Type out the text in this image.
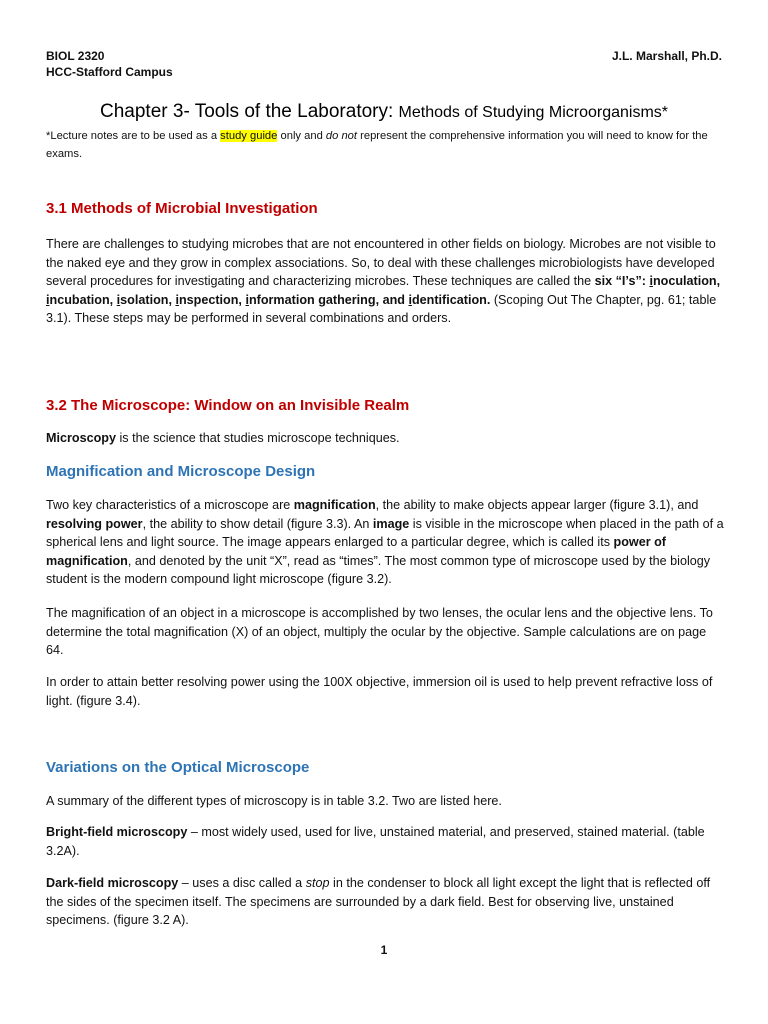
BIOL 2320
HCC-Stafford Campus
J.L. Marshall, Ph.D.
Chapter 3- Tools of the Laboratory: Methods of Studying Microorganisms*
*Lecture notes are to be used as a study guide only and do not represent the comprehensive information you will need to know for the exams.
3.1 Methods of Microbial Investigation

There are challenges to studying microbes that are not encountered in other fields on biology. Microbes are not visible to the naked eye and they grow in complex associations. So, to deal with these challenges microbiologists have developed several procedures for investigating and characterizing microbes. These techniques are called the six “I’s”: inoculation, incubation, isolation, inspection, information gathering, and identification. (Scoping Out The Chapter, pg. 61; table 3.1). These steps may be performed in several combinations and orders.

3.2 The Microscope: Window on an Invisible Realm

Microscopy is the science that studies microscope techniques.

Magnification and Microscope Design

Two key characteristics of a microscope are magnification, the ability to make objects appear larger (figure 3.1), and resolving power, the ability to show detail (figure 3.3). An image is visible in the microscope when placed in the path of a spherical lens and light source. The image appears enlarged to a particular degree, which is called its power of magnification, and denoted by the unit “X”, read as “times”. The most common type of microscope used by the biology student is the modern compound light microscope (figure 3.2).

The magnification of an object in a microscope is accomplished by two lenses, the ocular lens and the objective lens. To determine the total magnification (X) of an object, multiply the ocular by the objective. Sample calculations are on page 64.
In order to attain better resolving power using the 100X objective, immersion oil is used to help prevent refractive loss of light. (figure 3.4).
Variations on the Optical Microscope
A summary of the different types of microscopy is in table 3.2. Two are listed here.

Bright-field microscopy – most widely used, used for live, unstained material, and preserved, stained material. (table 3.2A).

Dark-field microscopy – uses a disc called a stop in the condenser to block all light except the light that is reflected off the sides of the specimen itself. The specimens are surrounded by a dark field. Best for observing live, unstained specimens. (figure 3.2 A).

1
